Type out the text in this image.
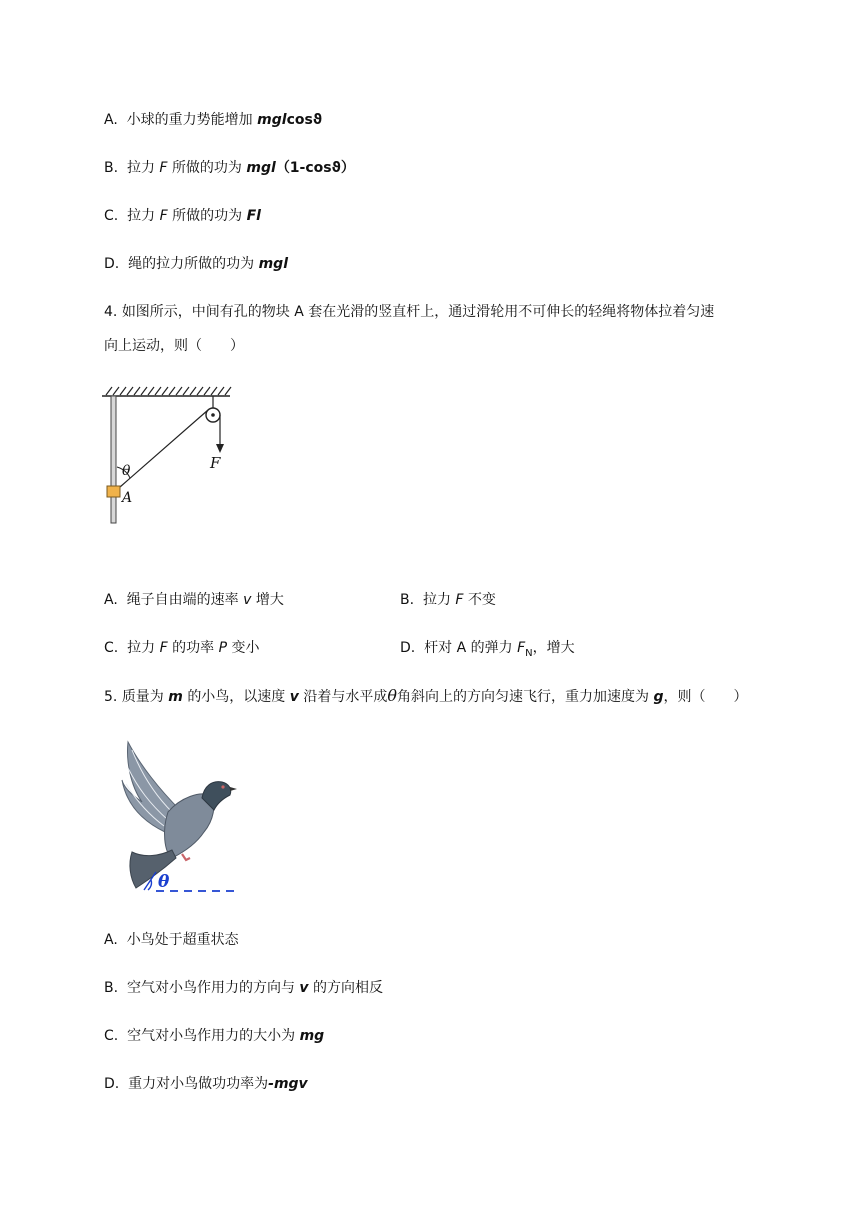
A. 小球的重力势能增加 mglcosϑ
B. 拉力 F 所做的功为 mgl（1-cosϑ）
C. 拉力 F 所做的功为 Fl
D. 绳的拉力所做的功为 mgl
4. 如图所示，中间有孔的物块 A 套在光滑的竖直杆上，通过滑轮用不可伸长的轻绳将物体拉着匀速
向上运动，则（　　）
θ
A
F
A. 绳子自由端的速率 v 增大	B. 拉力 F 不变
C. 拉力 F 的功率 P 变小	D. 杆对 A 的弹力 $F_N$，增大
5. 质量为 m 的小鸟，以速度 v 沿着与水平成θ角斜向上的方向匀速飞行，重力加速度为 g，则（　　）
θ
A. 小鸟处于超重状态
B. 空气对小鸟作用力的方向与 v 的方向相反
C. 空气对小鸟作用力的大小为 mg
D. 重力对小鸟做功功率为-mgv
